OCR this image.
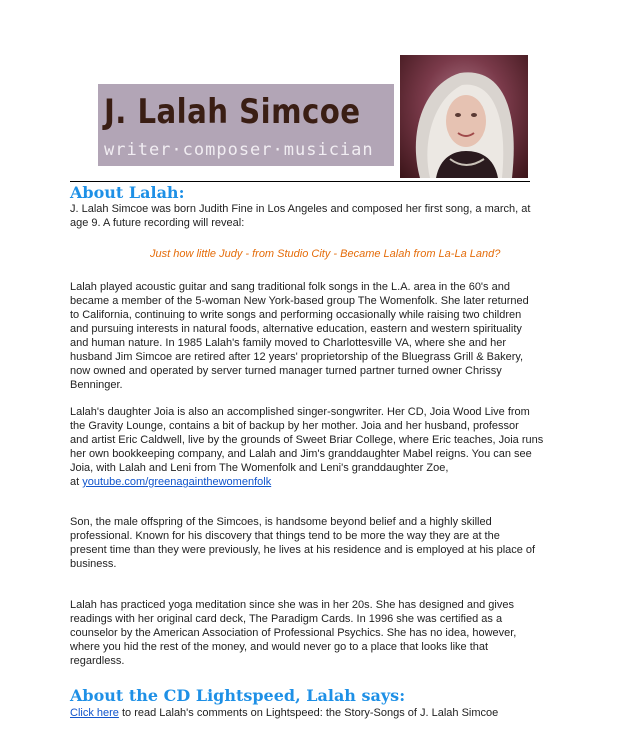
J. Lalah Simcoe
writer·composer·musician
About Lalah:
J. Lalah Simcoe was born Judith Fine in Los Angeles and composed her first song, a march, at
age 9. A future recording will reveal:
Just how little Judy - from Studio City - Became Lalah from La-La Land?
Lalah played acoustic guitar and sang traditional folk songs in the L.A. area in the 60's and
became a member of the 5-woman New York-based group The Womenfolk. She later returned
to California, continuing to write songs and performing occasionally while raising two children
and pursuing interests in natural foods, alternative education, eastern and western spirituality
and human nature. In 1985 Lalah's family moved to Charlottesville VA, where she and her
husband Jim Simcoe are retired after 12 years' proprietorship of the Bluegrass Grill & Bakery,
now owned and operated by server turned manager turned partner turned owner Chrissy
Benninger.
Lalah's daughter Joia is also an accomplished singer-songwriter. Her CD, Joia Wood Live from
the Gravity Lounge, contains a bit of backup by her mother. Joia and her husband, professor
and artist Eric Caldwell, live by the grounds of Sweet Briar College, where Eric teaches, Joia runs
her own bookkeeping company, and Lalah and Jim's granddaughter Mabel reigns. You can see
Joia, with Lalah and Leni from The Womenfolk and Leni's granddaughter Zoe,
at youtube.com/greenagainthewomenfolk
Son, the male offspring of the Simcoes, is handsome beyond belief and a highly skilled
professional. Known for his discovery that things tend to be more the way they are at the
present time than they were previously, he lives at his residence and is employed at his place of
business.
Lalah has practiced yoga meditation since she was in her 20s. She has designed and gives
readings with her original card deck, The Paradigm Cards. In 1996 she was certified as a
counselor by the American Association of Professional Psychics. She has no idea, however,
where you hid the rest of the money, and would never go to a place that looks like that
regardless.
About the CD Lightspeed, Lalah says:
Click here to read Lalah's comments on Lightspeed: the Story-Songs of J. Lalah Simcoe
